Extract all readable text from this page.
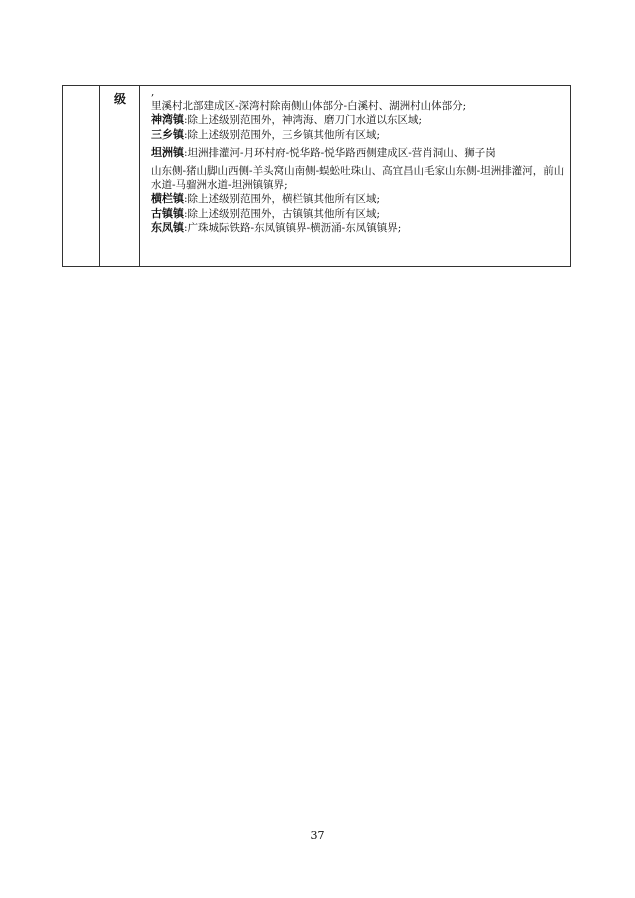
级 ,
里溪村北部建成区-深湾村除南侧山体部分-白溪村、湖洲村山体部分;
神湾镇:除上述级别范围外，神湾海、磨刀门水道以东区域;
三乡镇:除上述级别范围外，三乡镇其他所有区域;
坦洲镇:坦洲排灌河-月环村府-悦华路-悦华路西侧建成区-营肖洞山、狮子岗
山东侧-猪山脚山西侧-羊头窝山南侧-蜈蚣吐珠山、高宜昌山毛家山东侧-坦洲排灌河，前山水道-马骝洲水道-坦洲镇镇界;
横栏镇:除上述级别范围外，横栏镇其他所有区域;
古镇镇:除上述级别范围外，古镇镇其他所有区域;
东凤镇:广珠城际铁路-东凤镇镇界-横沥涌-东凤镇镇界;
37
